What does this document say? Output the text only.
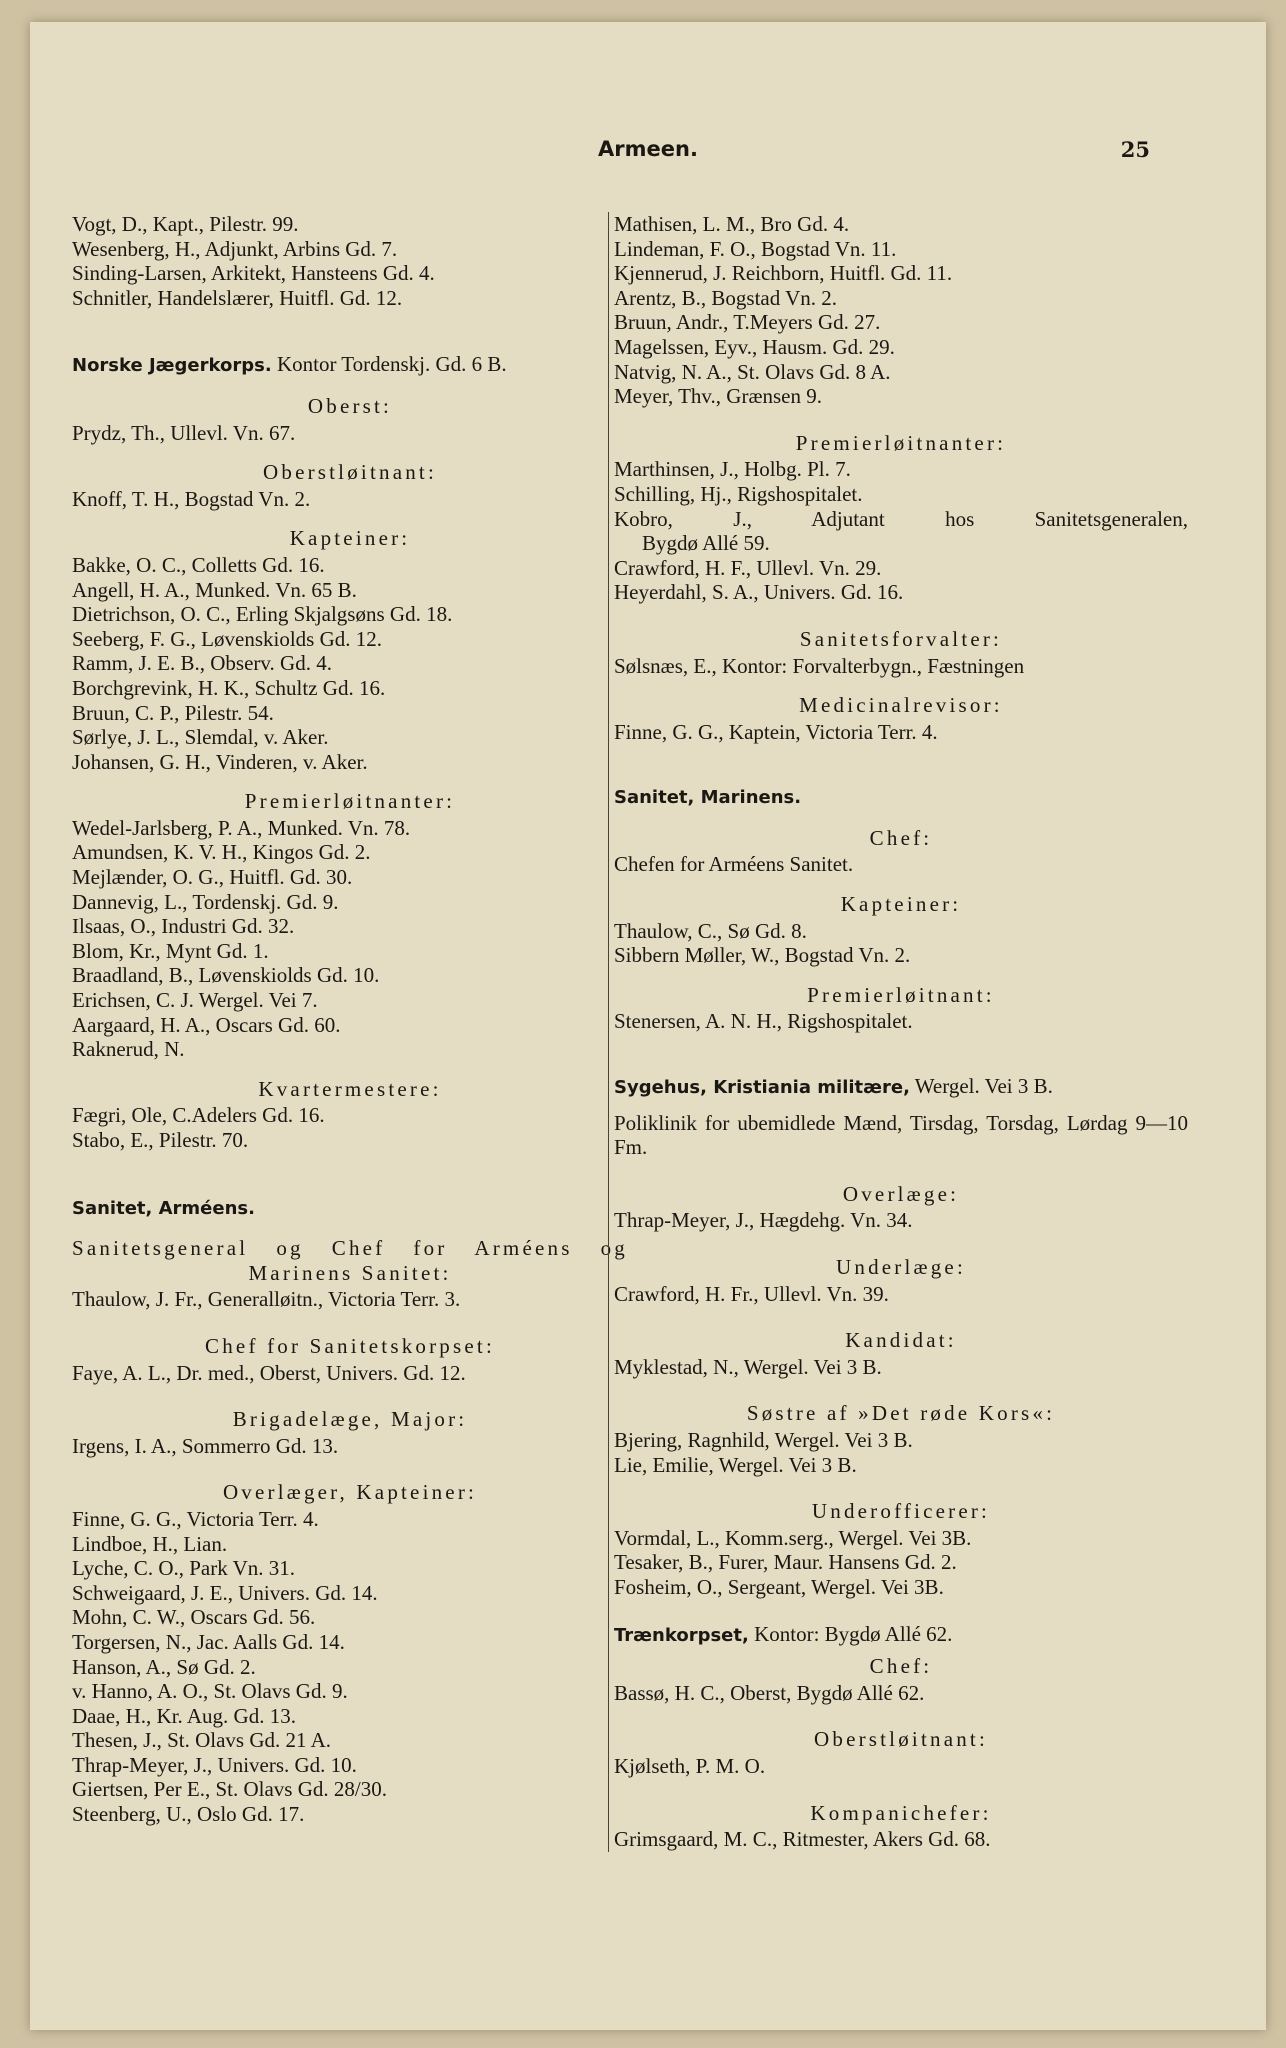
Armeen.	25
Vogt, D., Kapt., Pilestr. 99.
Wesenberg, H., Adjunkt, Arbins Gd. 7.
Sinding-Larsen, Arkitekt, Hansteens Gd. 4.
Schnitler, Handelslærer, Huitfl. Gd. 12.
Norske Jægerkorps. Kontor Tordenskj. Gd. 6 B.
Oberst:
Prydz, Th., Ullevl. Vn. 67.
Oberstløitnant:
Knoff, T. H., Bogstad Vn. 2.
Kapteiner:
Bakke, O. C., Colletts Gd. 16.
Angell, H. A., Munked. Vn. 65 B.
Dietrichson, O. C., Erling Skjalgsøns Gd. 18.
Seeberg, F. G., Løvenskiolds Gd. 12.
Ramm, J. E. B., Observ. Gd. 4.
Borchgrevink, H. K., Schultz Gd. 16.
Bruun, C. P., Pilestr. 54.
Sørlye, J. L., Slemdal, v. Aker.
Johansen, G. H., Vinderen, v. Aker.
Premierløitnanter:
Wedel-Jarlsberg, P. A., Munked. Vn. 78.
Amundsen, K. V. H., Kingos Gd. 2.
Mejlænder, O. G., Huitfl. Gd. 30.
Dannevig, L., Tordenskj. Gd. 9.
Ilsaas, O., Industri Gd. 32.
Blom, Kr., Mynt Gd. 1.
Braadland, B., Løvenskiolds Gd. 10.
Erichsen, C. J. Wergel. Vei 7.
Aargaard, H. A., Oscars Gd. 60.
Raknerud, N.
Kvartermestere:
Fægri, Ole, C.Adelers Gd. 16.
Stabo, E., Pilestr. 70.
Sanitet, Arméens.
Sanitetsgeneral og Chef for Arméens og Marinens Sanitet:
Thaulow, J. Fr., Generalløitn., Victoria Terr. 3.
Chef for Sanitetskorpset:
Faye, A. L., Dr. med., Oberst, Univers. Gd. 12.
Brigadelæge, Major:
Irgens, I. A., Sommerro Gd. 13.
Overlæger, Kapteiner:
Finne, G. G., Victoria Terr. 4.
Lindboe, H., Lian.
Lyche, C. O., Park Vn. 31.
Schweigaard, J. E., Univers. Gd. 14.
Mohn, C. W., Oscars Gd. 56.
Torgersen, N., Jac. Aalls Gd. 14.
Hanson, A., Sø Gd. 2.
v. Hanno, A. O., St. Olavs Gd. 9.
Daae, H., Kr. Aug. Gd. 13.
Thesen, J., St. Olavs Gd. 21 A.
Thrap-Meyer, J., Univers. Gd. 10.
Giertsen, Per E., St. Olavs Gd. 28/30.
Steenberg, U., Oslo Gd. 17.
Mathisen, L. M., Bro Gd. 4.
Lindeman, F. O., Bogstad Vn. 11.
Kjennerud, J. Reichborn, Huitfl. Gd. 11.
Arentz, B., Bogstad Vn. 2.
Bruun, Andr., T.Meyers Gd. 27.
Magelssen, Eyv., Hausm. Gd. 29.
Natvig, N. A., St. Olavs Gd. 8 A.
Meyer, Thv., Grænsen 9.
Premierløitnanter:
Marthinsen, J., Holbg. Pl. 7.
Schilling, Hj., Rigshospitalet.
Kobro, J., Adjutant hos Sanitetsgeneralen,
Bygdø Allé 59.
Crawford, H. F., Ullevl. Vn. 29.
Heyerdahl, S. A., Univers. Gd. 16.
Sanitetsforvalter:
Sølsnæs, E., Kontor: Forvalterbygn., Fæstningen
Medicinalrevisor:
Finne, G. G., Kaptein, Victoria Terr. 4.
Sanitet, Marinens.
Chef:
Chefen for Arméens Sanitet.
Kapteiner:
Thaulow, C., Sø Gd. 8.
Sibbern Møller, W., Bogstad Vn. 2.
Premierløitnant:
Stenersen, A. N. H., Rigshospitalet.
Sygehus, Kristiania militære, Wergel. Vei 3 B.
Poliklinik for ubemidlede Mænd, Tirsdag, Torsdag, Lørdag 9—10 Fm.
Overlæge:
Thrap-Meyer, J., Hægdehg. Vn. 34.
Underlæge:
Crawford, H. Fr., Ullevl. Vn. 39.
Kandidat:
Myklestad, N., Wergel. Vei 3 B.
Søstre af »Det røde Kors«:
Bjering, Ragnhild, Wergel. Vei 3 B.
Lie, Emilie, Wergel. Vei 3 B.
Underofficerer:
Vormdal, L., Komm.serg., Wergel. Vei 3B.
Tesaker, B., Furer, Maur. Hansens Gd. 2.
Fosheim, O., Sergeant, Wergel. Vei 3B.
Trænkorpset, Kontor: Bygdø Allé 62.
Chef:
Bassø, H. C., Oberst, Bygdø Allé 62.
Oberstløitnant:
Kjølseth, P. M. O.
Kompanichefer:
Grimsgaard, M. C., Ritmester, Akers Gd. 68.
